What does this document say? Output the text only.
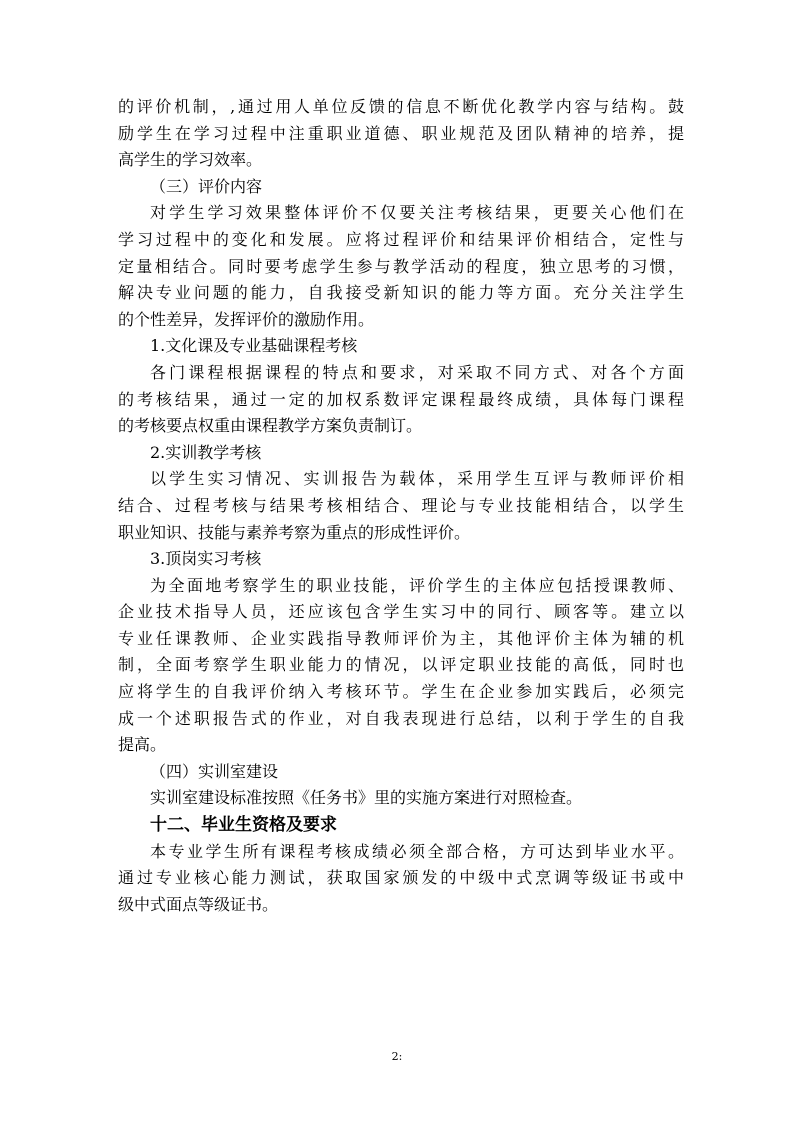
的评价机制，,通过用人单位反馈的信息不断优化教学内容与结构。鼓
励学生在学习过程中注重职业道德、职业规范及团队精神的培养，提
高学生的学习效率。
（三）评价内容
对学生学习效果整体评价不仅要关注考核结果，更要关心他们在
学习过程中的变化和发展。应将过程评价和结果评价相结合，定性与
定量相结合。同时要考虑学生参与教学活动的程度，独立思考的习惯，
解决专业问题的能力，自我接受新知识的能力等方面。充分关注学生
的个性差异，发挥评价的激励作用。
1.文化课及专业基础课程考核
各门课程根据课程的特点和要求，对采取不同方式、对各个方面
的考核结果，通过一定的加权系数评定课程最终成绩，具体每门课程
的考核要点权重由课程教学方案负责制订。
2.实训教学考核
以学生实习情况、实训报告为载体，采用学生互评与教师评价相
结合、过程考核与结果考核相结合、理论与专业技能相结合，以学生
职业知识、技能与素养考察为重点的形成性评价。
3.顶岗实习考核
为全面地考察学生的职业技能，评价学生的主体应包括授课教师、
企业技术指导人员，还应该包含学生实习中的同行、顾客等。建立以
专业任课教师、企业实践指导教师评价为主，其他评价主体为辅的机
制，全面考察学生职业能力的情况，以评定职业技能的高低，同时也
应将学生的自我评价纳入考核环节。学生在企业参加实践后，必须完
成一个述职报告式的作业，对自我表现进行总结，以利于学生的自我
提高。
（四）实训室建设
实训室建设标准按照《任务书》里的实施方案进行对照检查。
十二、毕业生资格及要求
本专业学生所有课程考核成绩必须全部合格，方可达到毕业水平。
通过专业核心能力测试，获取国家颁发的中级中式烹调等级证书或中
级中式面点等级证书。
2:
